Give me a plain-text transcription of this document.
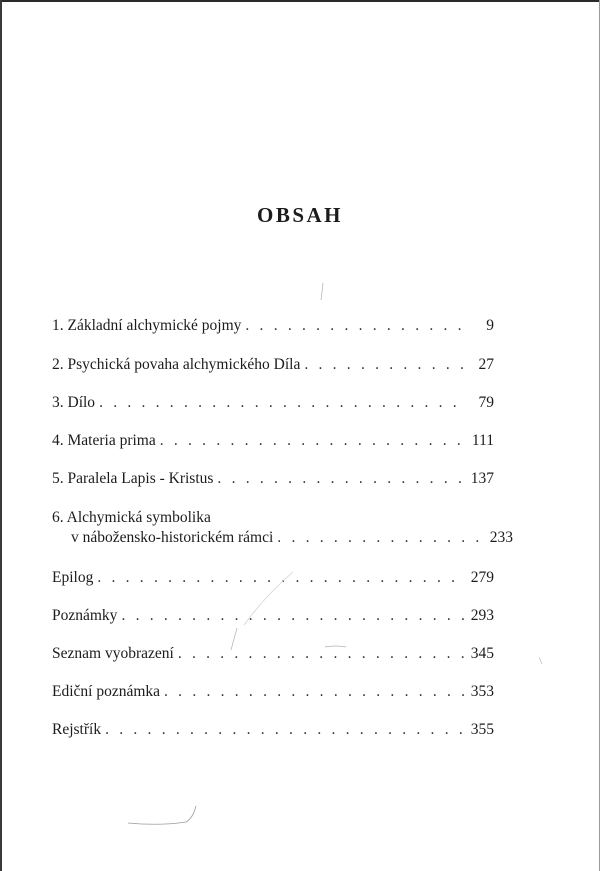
OBSAH
1. Základní alchymické pojmy . . .	9
2. Psychická povaha alchymického Díla . . .	27
3. Dílo . . .	79
4. Materia prima . . .	111
5. Paralela Lapis - Kristus . . .	137
6. Alchymická symbolika
v nábožensko-historickém rámci . . .	233
Epilog . . .	279
Poznámky . . .	293
Seznam vyobrazení . . .	345
Ediční poznámka . . .	353
Rejstřík . . .	355
